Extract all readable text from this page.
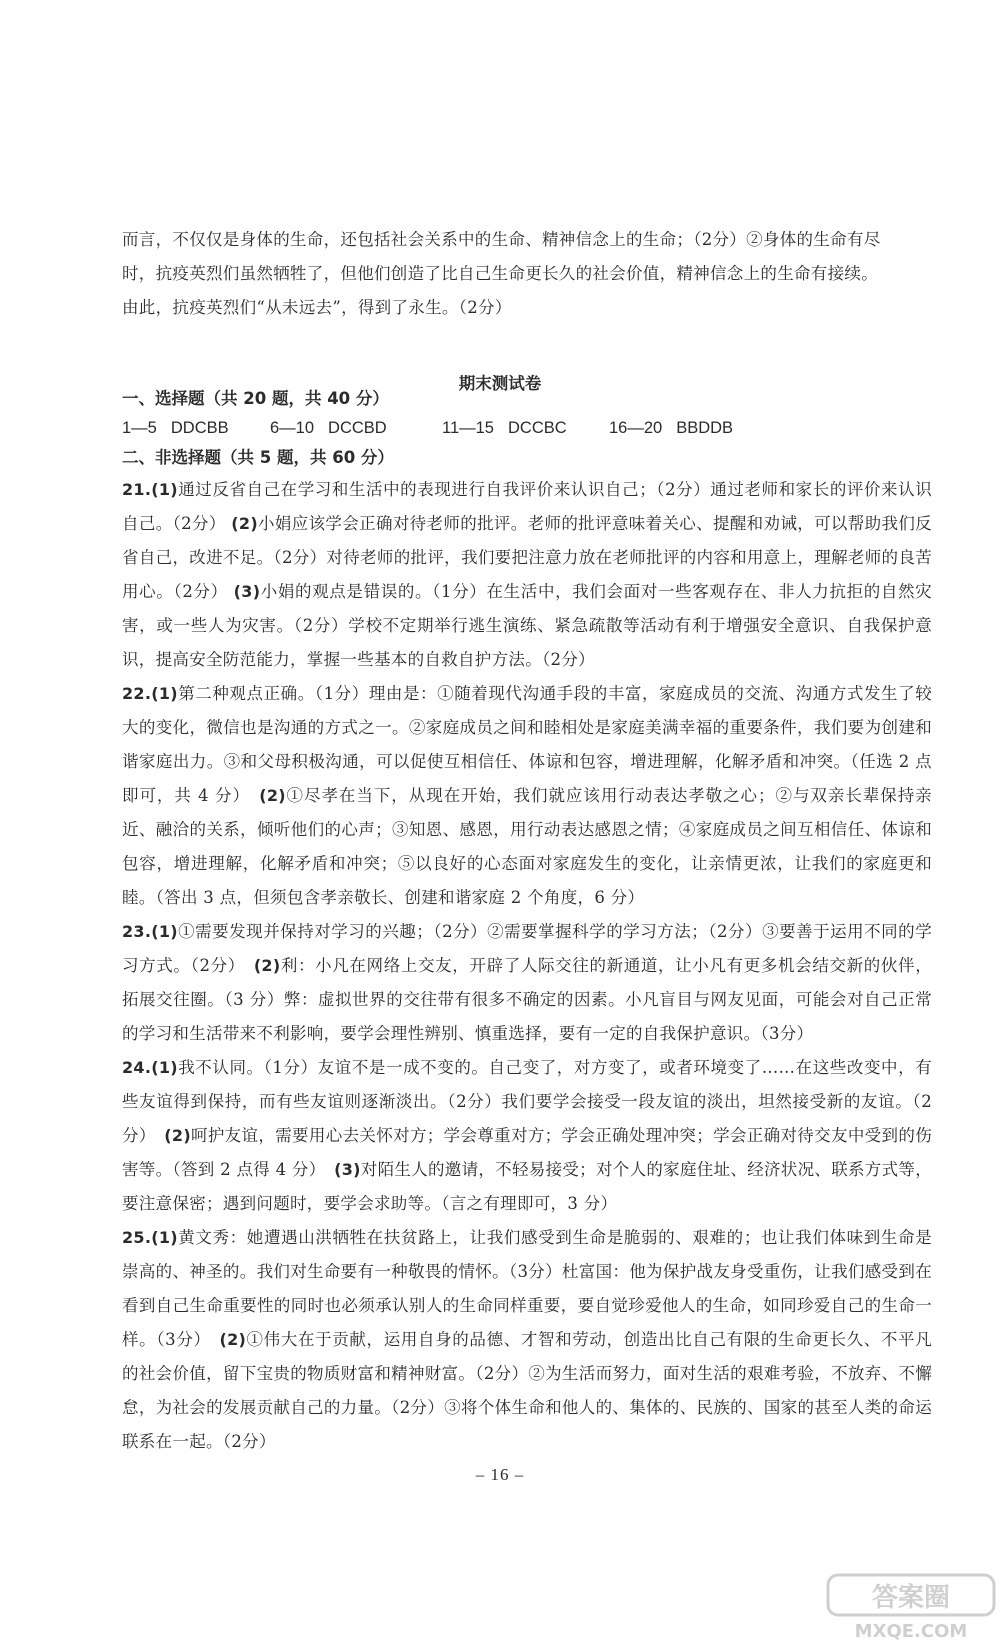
而言，不仅仅是身体的生命，还包括社会关系中的生命、精神信念上的生命；（2分）②身体的生命有尽

时，抗疫英烈们虽然牺牲了，但他们创造了比自己生命更长久的社会价值，精神信念上的生命有接续。

由此，抗疫英烈们“从未远去”，得到了永生。（2分）

期末测试卷
一、选择题（共 20 题，共 40 分）
1—5 DDCBB	6—10 DCCBD	11—15 DCCBC	16—20 BBDDB
二、非选择题（共 5 题，共 60 分）

21.(1)通过反省自己在学习和生活中的表现进行自我评价来认识自己；（2分）通过老师和家长的评价来认识自己。（2分） (2)小娟应该学会正确对待老师的批评。老师的批评意味着关心、提醒和劝诫，可以帮助我们反省自己，改进不足。（2分）对待老师的批评，我们要把注意力放在老师批评的内容和用意上，理解老师的良苦用心。（2分） (3)小娟的观点是错误的。（1分）在生活中，我们会面对一些客观存在、非人力抗拒的自然灾害，或一些人为灾害。（2分）学校不定期举行逃生演练、紧急疏散等活动有利于增强安全意识、自我保护意识，提高安全防范能力，掌握一些基本的自救自护方法。（2分）

22.(1)第二种观点正确。（1分）理由是：①随着现代沟通手段的丰富，家庭成员的交流、沟通方式发生了较大的变化，微信也是沟通的方式之一。②家庭成员之间和睦相处是家庭美满幸福的重要条件，我们要为创建和谐家庭出力。③和父母积极沟通，可以促使互相信任、体谅和包容，增进理解，化解矛盾和冲突。（任选 2 点即可，共 4 分）　(2)①尽孝在当下，从现在开始，我们就应该用行动表达孝敬之心；②与双亲长辈保持亲近、融洽的关系，倾听他们的心声；③知恩、感恩，用行动表达感恩之情；④家庭成员之间互相信任、体谅和包容，增进理解，化解矛盾和冲突；⑤以良好的心态面对家庭发生的变化，让亲情更浓，让我们的家庭更和睦。（答出 3 点，但须包含孝亲敬长、创建和谐家庭 2 个角度，6 分）

23.(1)①需要发现并保持对学习的兴趣；（2分）②需要掌握科学的学习方法；（2分）③要善于运用不同的学习方式。（2分）　(2)利：小凡在网络上交友，开辟了人际交往的新通道，让小凡有更多机会结交新的伙伴，拓展交往圈。（3 分）弊：虚拟世界的交往带有很多不确定的因素。小凡盲目与网友见面，可能会对自己正常的学习和生活带来不利影响，要学会理性辨别、慎重选择，要有一定的自我保护意识。（3分）

24.(1)我不认同。（1分）友谊不是一成不变的。自己变了，对方变了，或者环境变了……在这些改变中，有些友谊得到保持，而有些友谊则逐渐淡出。（2分）我们要学会接受一段友谊的淡出，坦然接受新的友谊。（2分）　(2)呵护友谊，需要用心去关怀对方；学会尊重对方；学会正确处理冲突；学会正确对待交友中受到的伤害等。（答到 2 点得 4 分）　(3)对陌生人的邀请，不轻易接受；对个人的家庭住址、经济状况、联系方式等，要注意保密；遇到问题时，要学会求助等。（言之有理即可，3 分）

25.(1)黄文秀：她遭遇山洪牺牲在扶贫路上，让我们感受到生命是脆弱的、艰难的；也让我们体味到生命是崇高的、神圣的。我们对生命要有一种敬畏的情怀。（3分）杜富国：他为保护战友身受重伤，让我们感受到在看到自己生命重要性的同时也必须承认别人的生命同样重要，要自觉珍爱他人的生命，如同珍爱自己的生命一样。（3分）　(2)①伟大在于贡献，运用自身的品德、才智和劳动，创造出比自己有限的生命更长久、不平凡的社会价值，留下宝贵的物质财富和精神财富。（2分）②为生活而努力，面对生活的艰难考验，不放弃、不懈怠，为社会的发展贡献自己的力量。（2分）③将个体生命和他人的、集体的、民族的、国家的甚至人类的命运联系在一起。（2分）

– 16 –
答案圈
MXQE.COM
